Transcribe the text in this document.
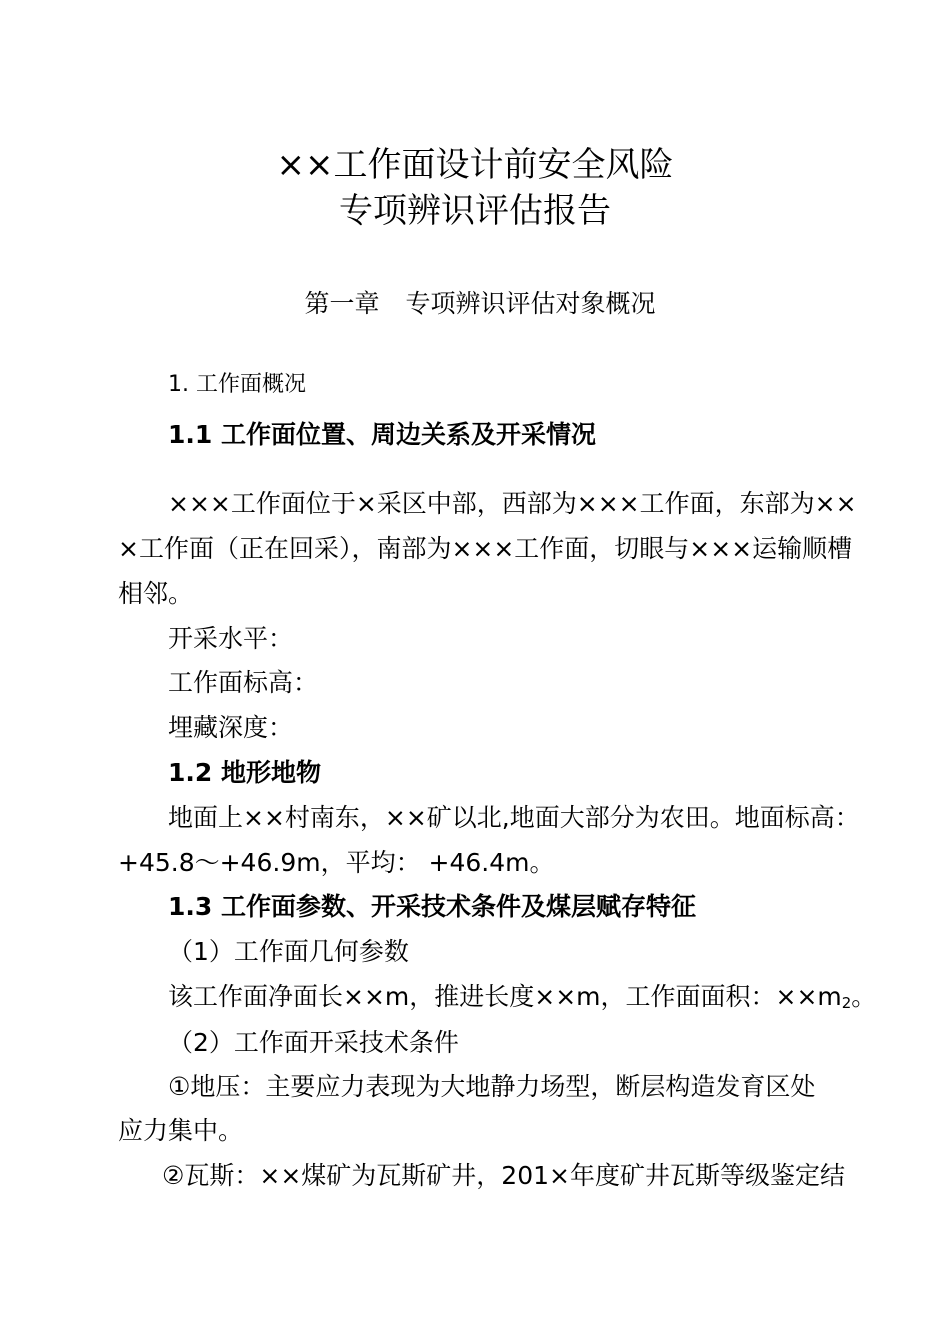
××工作面设计前安全风险
专项辨识评估报告
第一章 专项辨识评估对象概况
1. 工作面概况
1.1 工作面位置、周边关系及开采情况
×××工作面位于×采区中部，西部为×××工作面，东部为××
×工作面（正在回采），南部为×××工作面，切眼与×××运输顺槽
相邻。
开采水平：
工作面标高：
埋藏深度：
1.2 地形地物
地面上××村南东，××矿以北,地面大部分为农田。地面标高：
+45.8～+46.9m，平均： +46.4m。
1.3 工作面参数、开采技术条件及煤层赋存特征
（1）工作面几何参数
该工作面净面长××m，推进长度××m，工作面面积：$\times\times m_2$。
（2）工作面开采技术条件
①地压：主要应力表现为大地静力场型，断层构造发育区处
应力集中。
②瓦斯：××煤矿为瓦斯矿井，201×年度矿井瓦斯等级鉴定结
